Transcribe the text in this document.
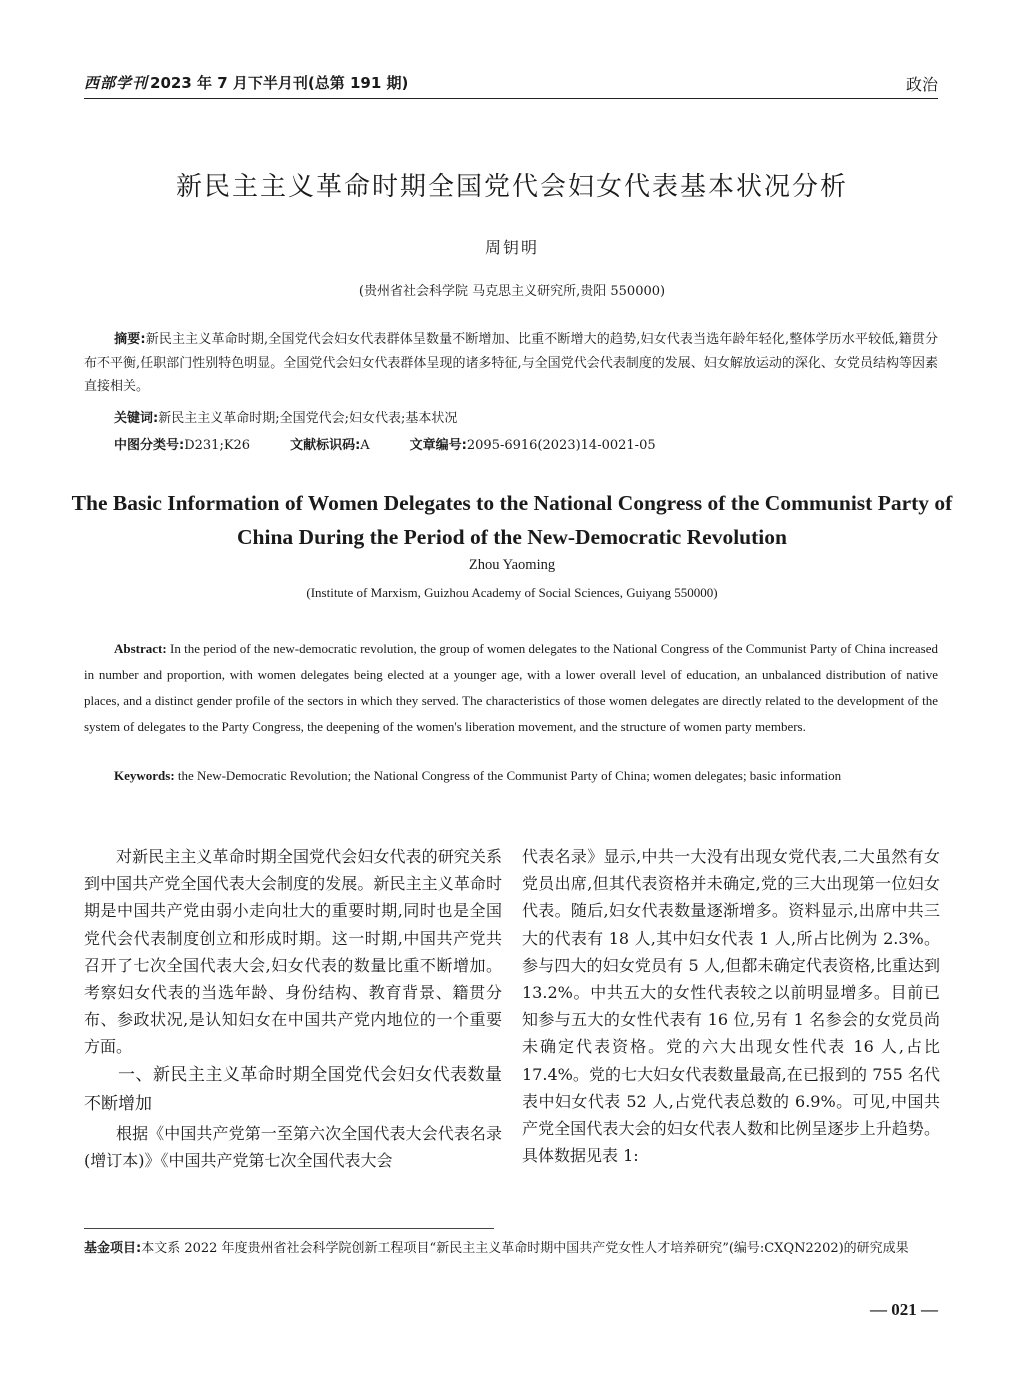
西部学刊 2023 年 7 月下半月刊(总第 191 期)	政治
新民主主义革命时期全国党代会妇女代表基本状况分析
周钥明
(贵州省社会科学院 马克思主义研究所,贵阳 550000)
摘要:新民主主义革命时期,全国党代会妇女代表群体呈数量不断增加、比重不断增大的趋势,妇女代表当选年龄年轻化,整体学历水平较低,籍贯分布不平衡,任职部门性别特色明显。全国党代会妇女代表群体呈现的诸多特征,与全国党代会代表制度的发展、妇女解放运动的深化、女党员结构等因素直接相关。
关键词:新民主主义革命时期;全国党代会;妇女代表;基本状况
中图分类号:D231;K26	文献标识码:A	文章编号:2095-6916(2023)14-0021-05
The Basic Information of Women Delegates to the National Congress of the Communist Party of China During the Period of the New-Democratic Revolution
Zhou Yaoming
(Institute of Marxism, Guizhou Academy of Social Sciences, Guiyang 550000)
Abstract: In the period of the new-democratic revolution, the group of women delegates to the National Congress of the Communist Party of China increased in number and proportion, with women delegates being elected at a younger age, with a lower overall level of education, an unbalanced distribution of native places, and a distinct gender profile of the sectors in which they served. The characteristics of those women delegates are directly related to the development of the system of delegates to the Party Congress, the deepening of the women's liberation movement, and the structure of women party members.
Keywords: the New-Democratic Revolution; the National Congress of the Communist Party of China; women delegates; basic information

对新民主主义革命时期全国党代会妇女代表的研究关系到中国共产党全国代表大会制度的发展。新民主主义革命时期是中国共产党由弱小走向壮大的重要时期,同时也是全国党代会代表制度创立和形成时期。这一时期,中国共产党共召开了七次全国代表大会,妇女代表的数量比重不断增加。考察妇女代表的当选年龄、身份结构、教育背景、籍贯分布、参政状况,是认知妇女在中国共产党内地位的一个重要方面。

一、新民主主义革命时期全国党代会妇女代表数量不断增加

根据《中国共产党第一至第六次全国代表大会代表名录(增订本)》《中国共产党第七次全国代表大会

代表名录》显示,中共一大没有出现女党代表,二大虽然有女党员出席,但其代表资格并未确定,党的三大出现第一位妇女代表。随后,妇女代表数量逐渐增多。资料显示,出席中共三大的代表有 18 人,其中妇女代表 1 人,所占比例为 2.3%。参与四大的妇女党员有 5 人,但都未确定代表资格,比重达到 13.2%。中共五大的女性代表较之以前明显增多。目前已知参与五大的女性代表有 16 位,另有 1 名参会的女党员尚未确定代表资格。党的六大出现女性代表 16 人,占比 17.4%。党的七大妇女代表数量最高,在已报到的 755 名代表中妇女代表 52 人,占党代表总数的 6.9%。可见,中国共产党全国代表大会的妇女代表人数和比例呈逐步上升趋势。具体数据见表 1:

基金项目:本文系 2022 年度贵州省社会科学院创新工程项目“新民主主义革命时期中国共产党女性人才培养研究”(编号:CXQN2202)的研究成果
— 021 —
